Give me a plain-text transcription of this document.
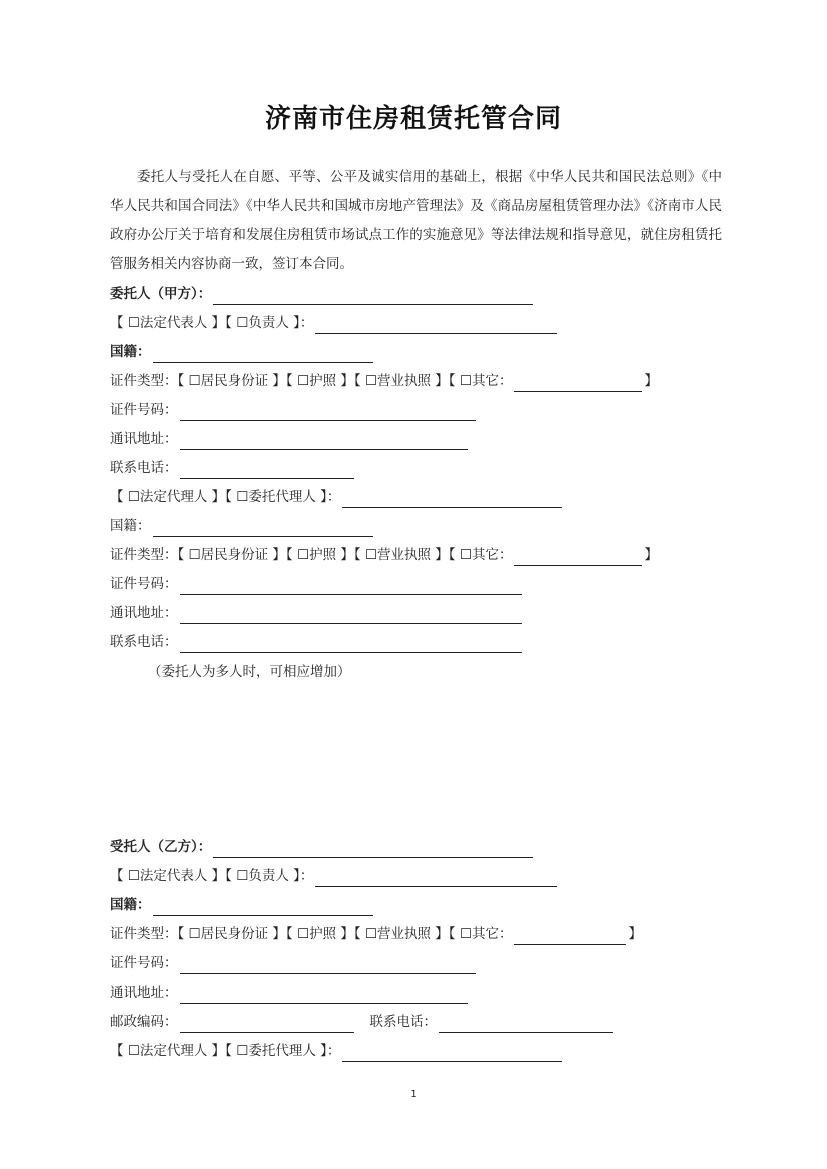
济南市住房租赁托管合同
委托人与受托人在自愿、平等、公平及诚实信用的基础上，根据《中华人民共和国民法总则》《中华人民共和国合同法》《中华人民共和国城市房地产管理法》及《商品房屋租赁管理办法》《济南市人民政府办公厅关于培育和发展住房租赁市场试点工作的实施意见》等法律法规和指导意见，就住房租赁托管服务相关内容协商一致，签订本合同。
委托人（甲方）：
【 ☐法定代表人 】【 ☐负责人 】：
国籍：
证件类型：【 ☐居民身份证 】【 ☐护照 】【 ☐营业执照 】【 ☐其它：	】
证件号码：
通讯地址：
联系电话：
【 ☐法定代理人 】【 ☐委托代理人 】：
国籍：
证件类型：【 ☐居民身份证 】【 ☐护照 】【 ☐营业执照 】【 ☐其它：	】
证件号码：
通讯地址：
联系电话：
（委托人为多人时，可相应增加）
受托人（乙方）：
【 ☐法定代表人 】【 ☐负责人 】：
国籍：
证件类型：【 ☐居民身份证 】【 ☐护照 】【 ☐营业执照 】【 ☐其它：	】
证件号码：
通讯地址：
邮政编码：	联系电话：
【 ☐法定代理人 】【 ☐委托代理人 】：
1
